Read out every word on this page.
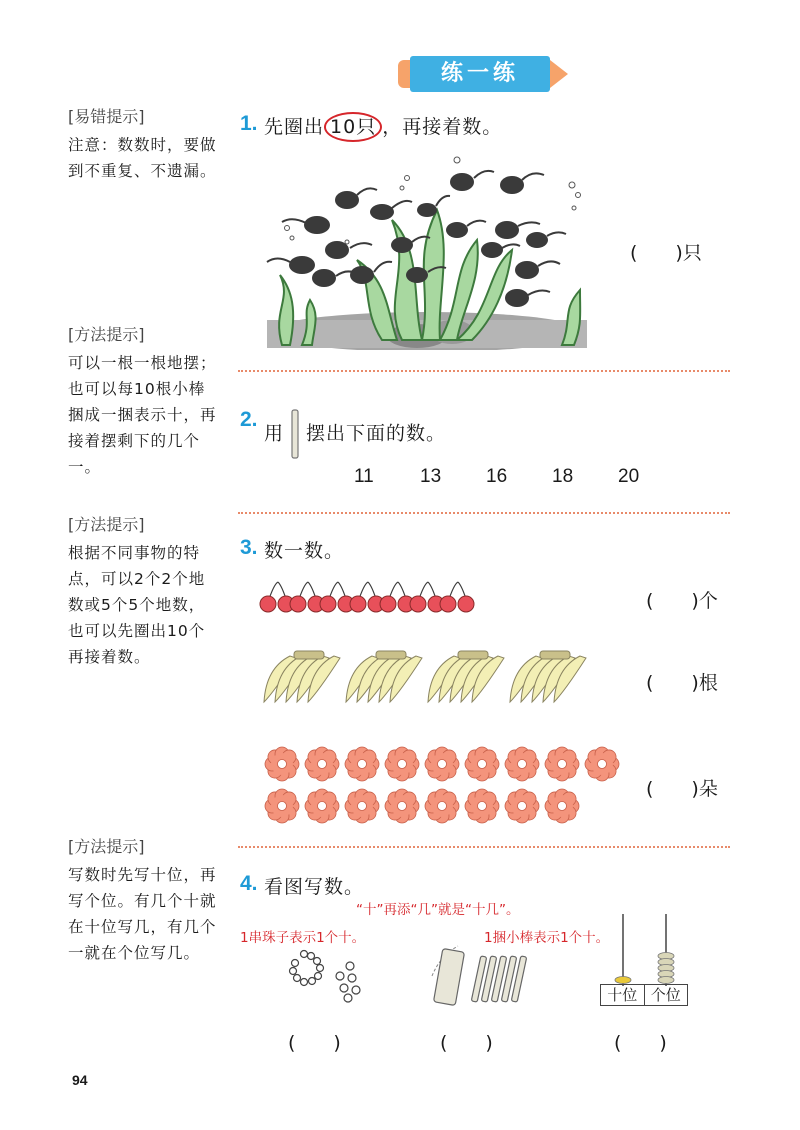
练一练
[易错提示]

注意：数数时，要做到不重复、不遗漏。

[方法提示]

可以一根一根地摆；也可以每10根小棒捆成一捆表示十，再接着摆剩下的几个一。

[方法提示]

根据不同事物的特点，可以2个2个地数或5个5个地数，也可以先圈出10个再接着数。

[方法提示]

写数时先写十位，再写个位。有几个十就在十位写几，有几个一就在个位写几。

1. 先圈出 10只 ，再接着数。
(　　)只
2.
用 摆出下面的数。
11 13 16 18 20
3. 数一数。
(　　)个
(　　)根
(　　)朵
4. 看图写数。
“十”再添“几”就是“十几”。
1串珠子表示1个十。	1捆小棒表示1个十。
十位 个位
(　　)	(　　)	(　　)
94
